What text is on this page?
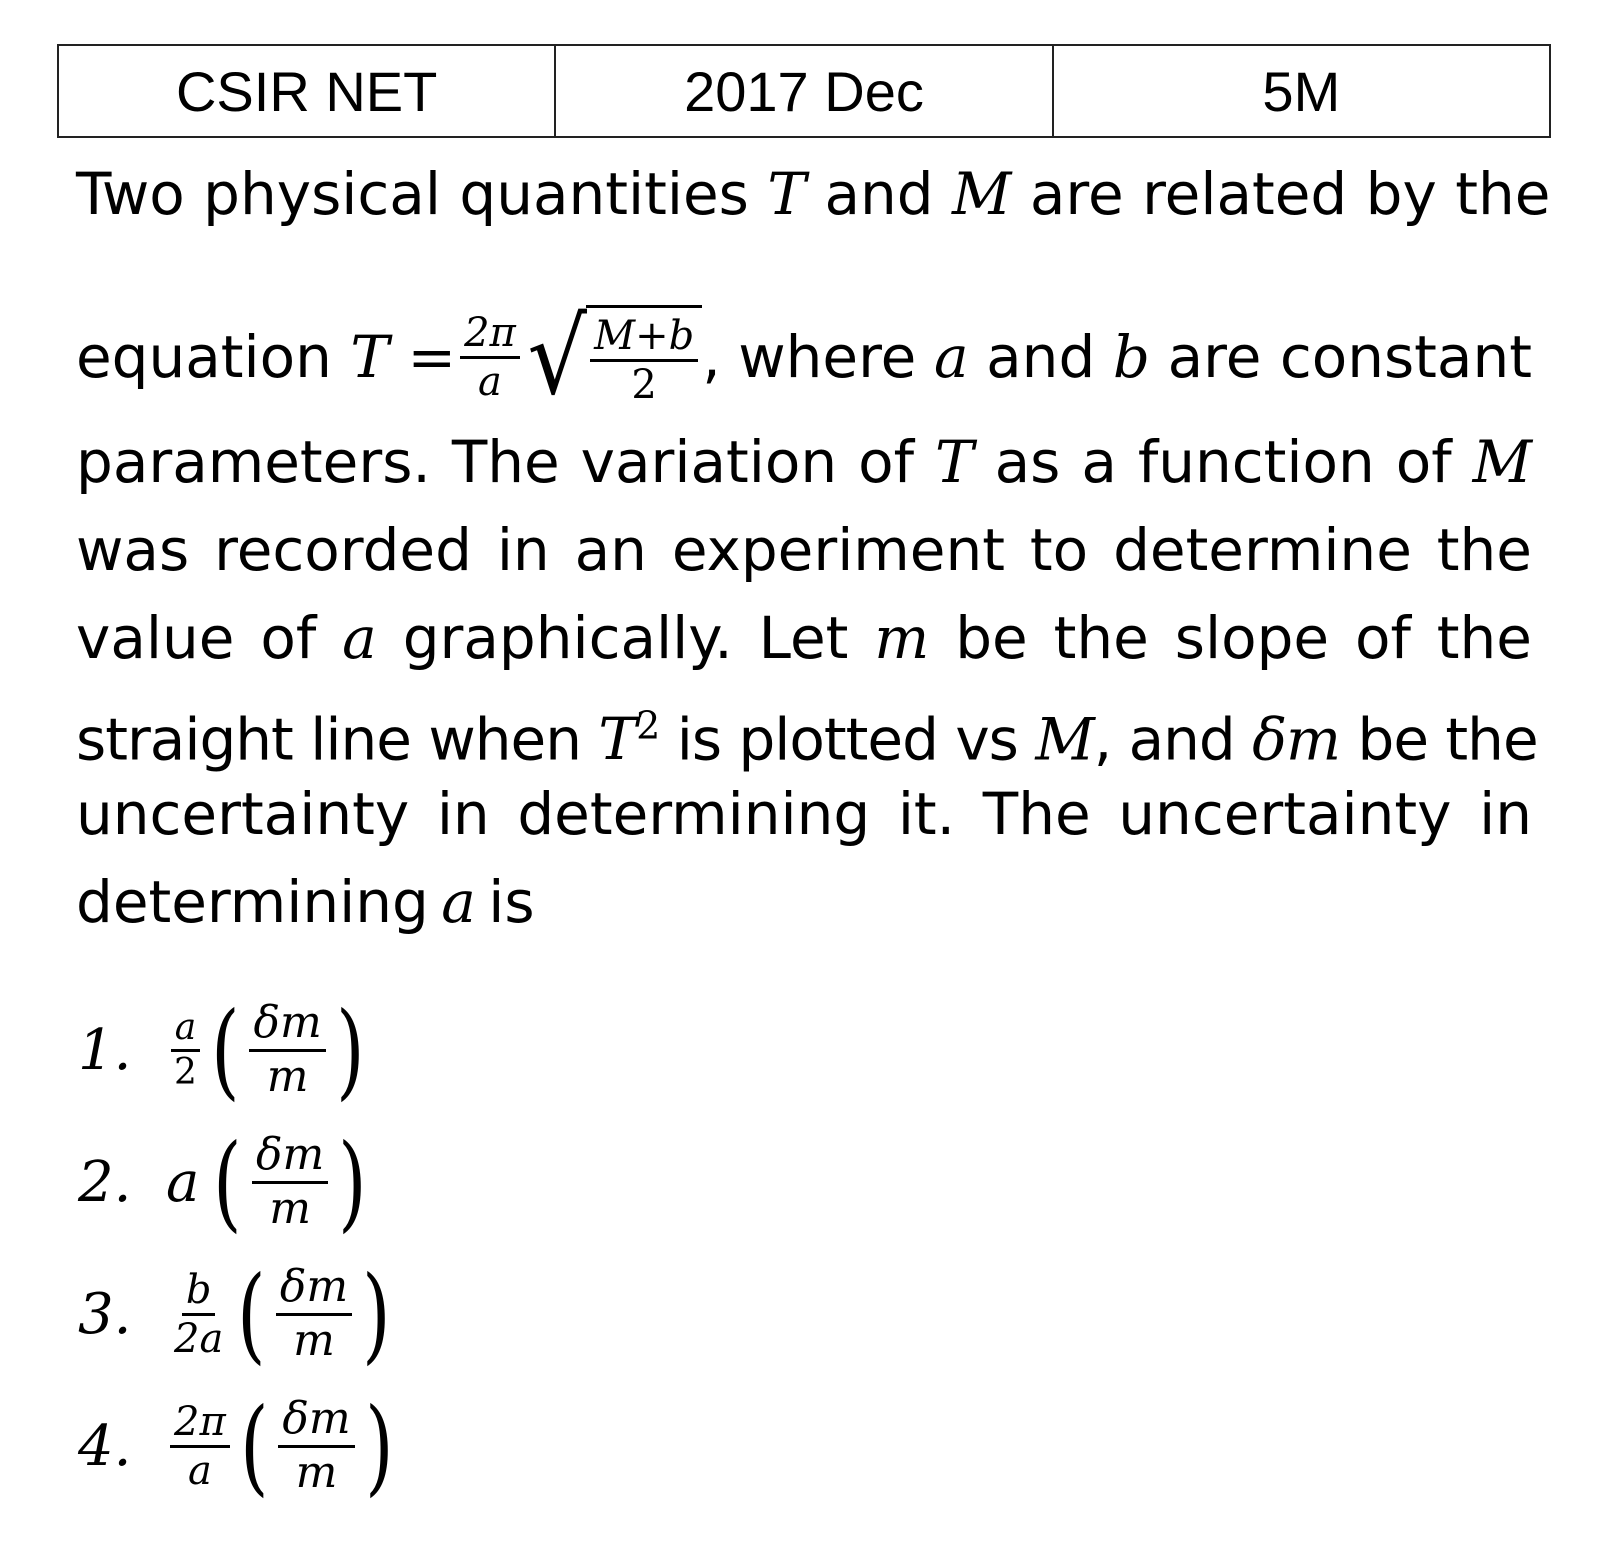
CSIR NET	2017 Dec	5M
Two physical quantities T and M are related by the
equation
T
= $\frac{2\pi}{a}$ √ $\frac{M+b}{2}$ , where a and b are constant
parameters. The variation of T as a function of M
was recorded in an experiment to determine the
value of a graphically. Let m be the slope of the
straight line when $T^2$ is plotted vs M, and δm be the
uncertainty in determining it. The uncertainty in
determining a is
1.	$\frac{a}{2}$ ( $\frac{\delta m}{m}$ )
2. a ( $\frac{\delta m}{m}$ )
3. $\frac{b}{2a}$ ( $\frac{\delta m}{m}$ )
4. $\frac{2\pi}{a}$ ( $\frac{\delta m}{m}$ )
